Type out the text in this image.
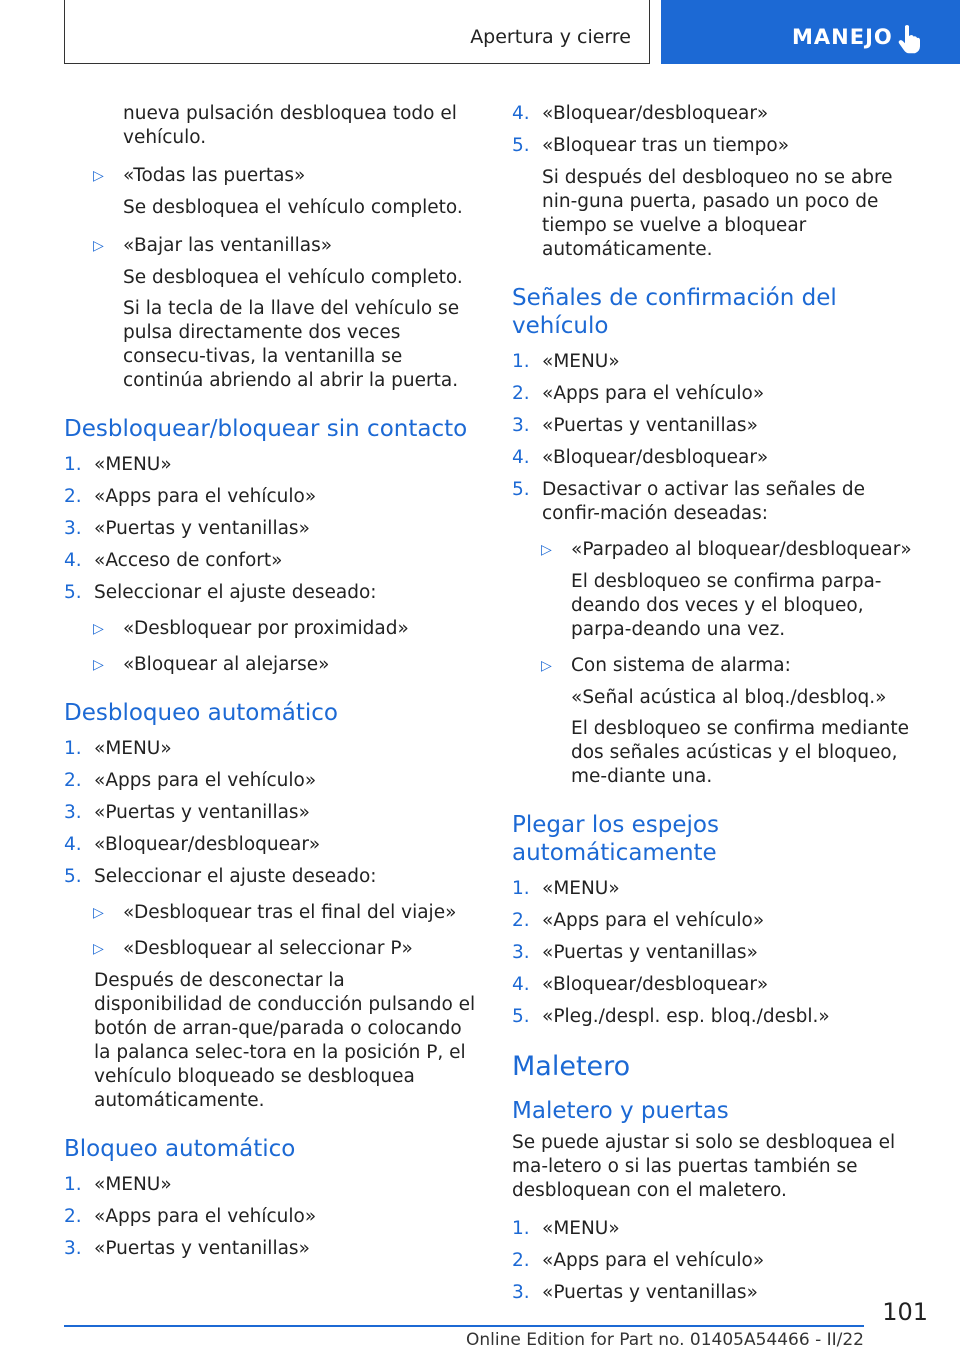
Apertura y cierre	MANEJO

nueva pulsación desbloquea todo el vehículo.

▷	«Todas las puertas»

Se desbloquea el vehículo completo.

▷	«Bajar las ventanillas»

Se desbloquea el vehículo completo.

Si la tecla de la llave del vehículo se pulsa directamente dos veces consecu-tivas, la ventanilla se continúa abriendo al abrir la puerta.

Desbloquear/bloquear sin contacto
1. «MENU»
2. «Apps para el vehículo»
3. «Puertas y ventanillas»
4. «Acceso de confort»
5. Seleccionar el ajuste deseado:
▷	«Desbloquear por proximidad»
▷	«Bloquear al alejarse»
Desbloqueo automático
1. «MENU»
2. «Apps para el vehículo»
3. «Puertas y ventanillas»
4. «Bloquear/desbloquear»
5. Seleccionar el ajuste deseado:
▷	«Desbloquear tras el final del viaje»
▷	«Desbloquear al seleccionar P»

Después de desconectar la disponibilidad de conducción pulsando el botón de arran-que/parada o colocando la palanca selec-tora en la posición P, el vehículo bloqueado se desbloquea automáticamente.

Bloqueo automático
1. «MENU»
2. «Apps para el vehículo»
3. «Puertas y ventanillas»
4. «Bloquear/desbloquear»
5. «Bloquear tras un tiempo»

Si después del desbloqueo no se abre nin-guna puerta, pasado un poco de tiempo se vuelve a bloquear automáticamente.

Señales de confirmación del vehículo
1. «MENU»
2. «Apps para el vehículo»
3. «Puertas y ventanillas»
4. «Bloquear/desbloquear»
5. Desactivar o activar las señales de confir-mación deseadas:
▷	«Parpadeo al bloquear/desbloquear»

El desbloqueo se confirma parpa-deando dos veces y el bloqueo, parpa-deando una vez.

▷	Con sistema de alarma:

«Señal acústica al bloq./desbloq.»

El desbloqueo se confirma mediante dos señales acústicas y el bloqueo, me-diante una.

Plegar los espejos automáticamente
1. «MENU»
2. «Apps para el vehículo»
3. «Puertas y ventanillas»
4. «Bloquear/desbloquear»
5. «Pleg./despl. esp. bloq./desbl.»
Maletero
Maletero y puertas

Se puede ajustar si solo se desbloquea el ma-letero o si las puertas también se desbloquean con el maletero.

1. «MENU»
2. «Apps para el vehículo»
3. «Puertas y ventanillas»
101
Online Edition for Part no. 01405A54466 - II/22
